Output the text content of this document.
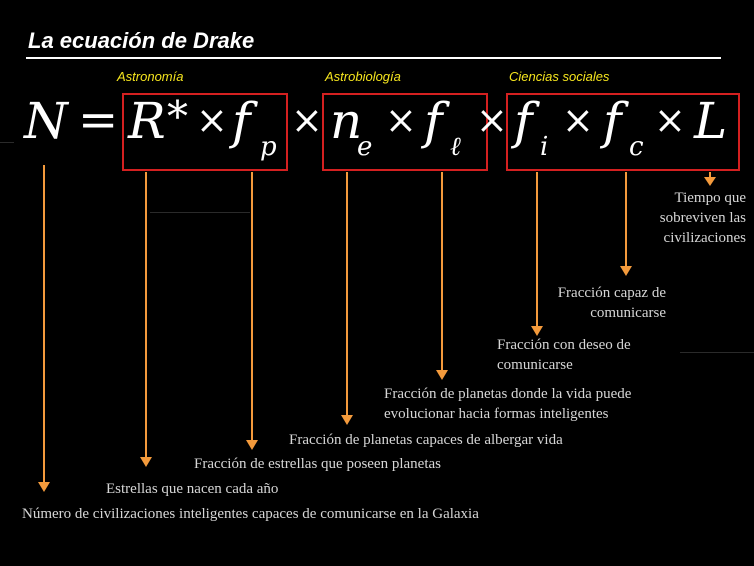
La ecuación de Drake
Astronomía	Astrobiología	Ciencias sociales
N = R * × f p
× n
e
× f ℓ
× f i
× f c
× L
Tiempo que
sobreviven las
civilizaciones
Fracción capaz de
comunicarse
Fracción con deseo de
comunicarse
Fracción de planetas donde la vida puede
evolucionar hacia formas inteligentes
Fracción de planetas capaces de albergar vida
Fracción de estrellas que poseen planetas
Estrellas que nacen cada año
Número de civilizaciones inteligentes capaces de comunicarse en la Galaxia
